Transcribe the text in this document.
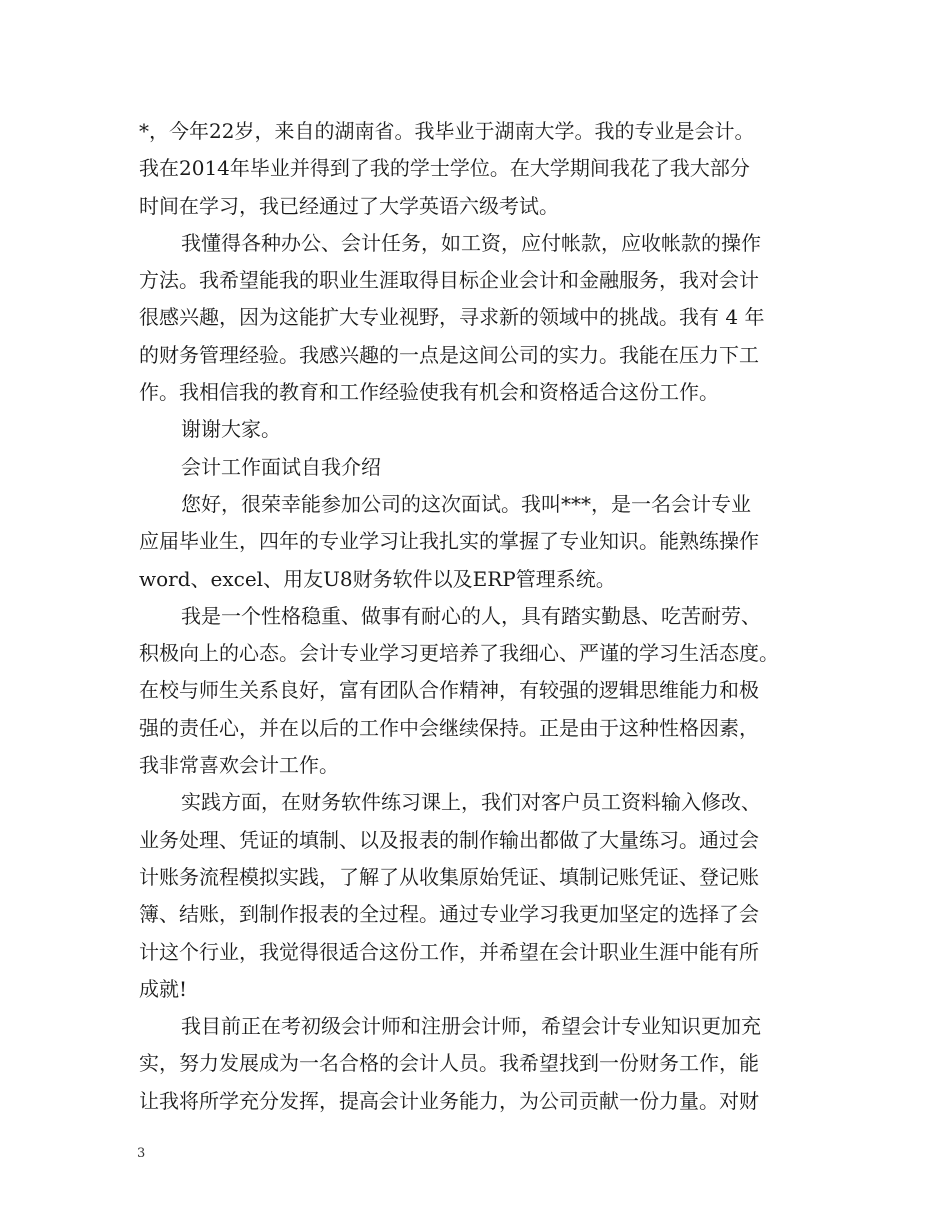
*，今年22岁，来自的湖南省。我毕业于湖南大学。我的专业是会计。
我在2014年毕业并得到了我的学士学位。在大学期间我花了我大部分
时间在学习，我已经通过了大学英语六级考试。
我懂得各种办公、会计任务，如工资，应付帐款，应收帐款的操作
方法。我希望能我的职业生涯取得目标企业会计和金融服务，我对会计
很感兴趣，因为这能扩大专业视野，寻求新的领域中的挑战。我有 4 年
的财务管理经验。我感兴趣的一点是这间公司的实力。我能在压力下工
作。我相信我的教育和工作经验使我有机会和资格适合这份工作。
谢谢大家。
会计工作面试自我介绍
您好，很荣幸能参加公司的这次面试。我叫***，是一名会计专业
应届毕业生，四年的专业学习让我扎实的掌握了专业知识。能熟练操作
word、excel、用友U8财务软件以及ERP管理系统。
我是一个性格稳重、做事有耐心的人，具有踏实勤恳、吃苦耐劳、
积极向上的心态。会计专业学习更培养了我细心、严谨的学习生活态度。
在校与师生关系良好，富有团队合作精神，有较强的逻辑思维能力和极
强的责任心，并在以后的工作中会继续保持。正是由于这种性格因素，
我非常喜欢会计工作。
实践方面，在财务软件练习课上，我们对客户员工资料输入修改、
业务处理、凭证的填制、以及报表的制作输出都做了大量练习。通过会
计账务流程模拟实践，了解了从收集原始凭证、填制记账凭证、登记账
簿、结账，到制作报表的全过程。通过专业学习我更加坚定的选择了会
计这个行业，我觉得很适合这份工作，并希望在会计职业生涯中能有所
成就!
我目前正在考初级会计师和注册会计师，希望会计专业知识更加充
实，努力发展成为一名合格的会计人员。我希望找到一份财务工作，能
让我将所学充分发挥，提高会计业务能力，为公司贡献一份力量。对财
3
